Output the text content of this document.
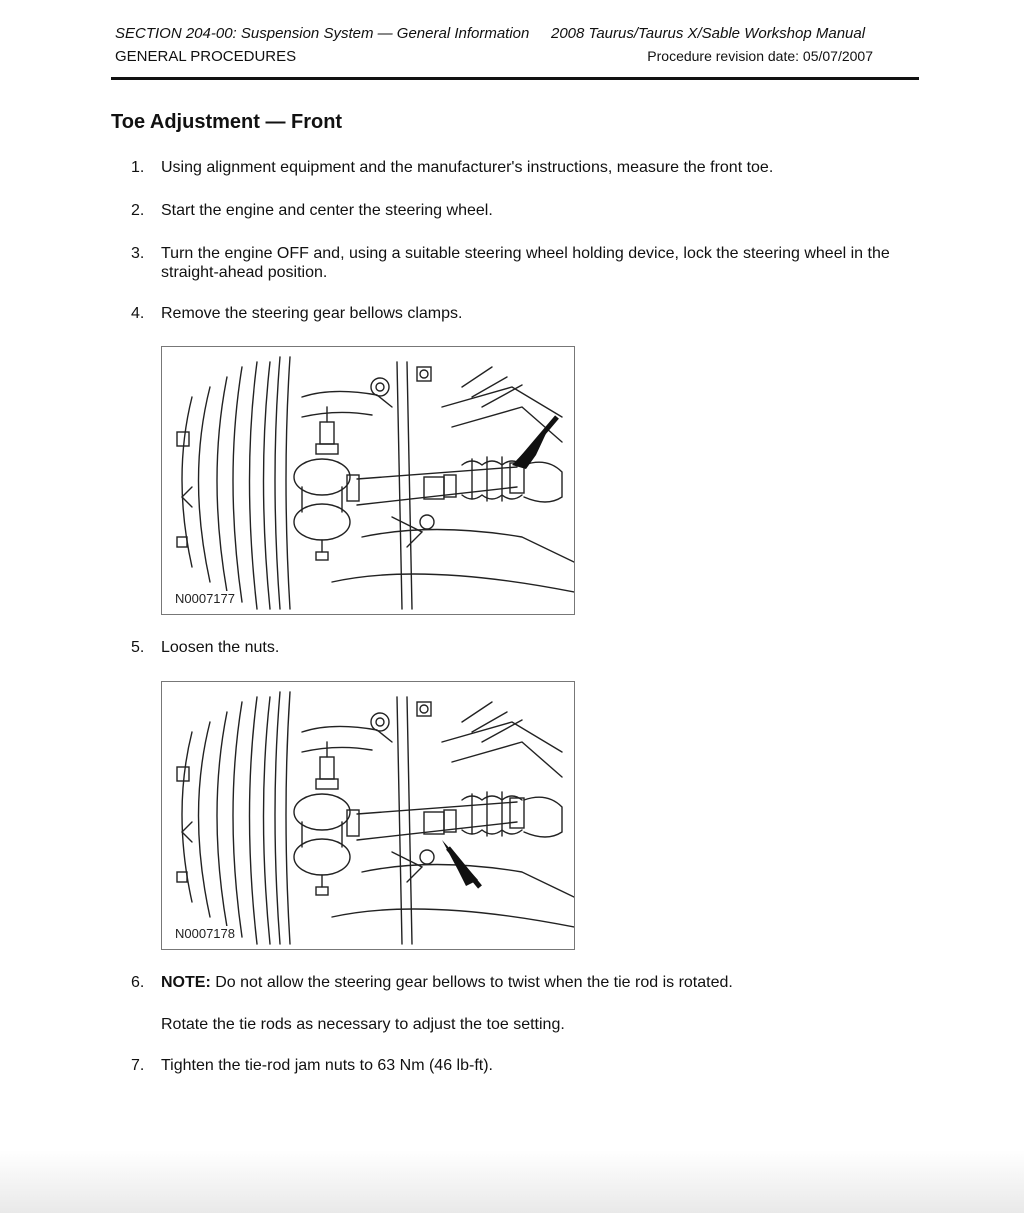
SECTION 204-00: Suspension System — General Information 2008 Taurus/Taurus X/Sable Workshop Manual
GENERAL PROCEDURES	Procedure revision date: 05/07/2007
Toe Adjustment — Front
1.	Using alignment equipment and the manufacturer's instructions, measure the front toe.
2.	Start the engine and center the steering wheel.
3.	Turn the engine OFF and, using a suitable steering wheel holding device, lock the steering wheel in the straight-ahead position.
4.	Remove the steering gear bellows clamps.
N0007177
5.	Loosen the nuts.
N0007178
6.	NOTE: Do not allow the steering gear bellows to twist when the tie rod is rotated.
Rotate the tie rods as necessary to adjust the toe setting.
7.	Tighten the tie-rod jam nuts to 63 Nm (46 lb-ft).
